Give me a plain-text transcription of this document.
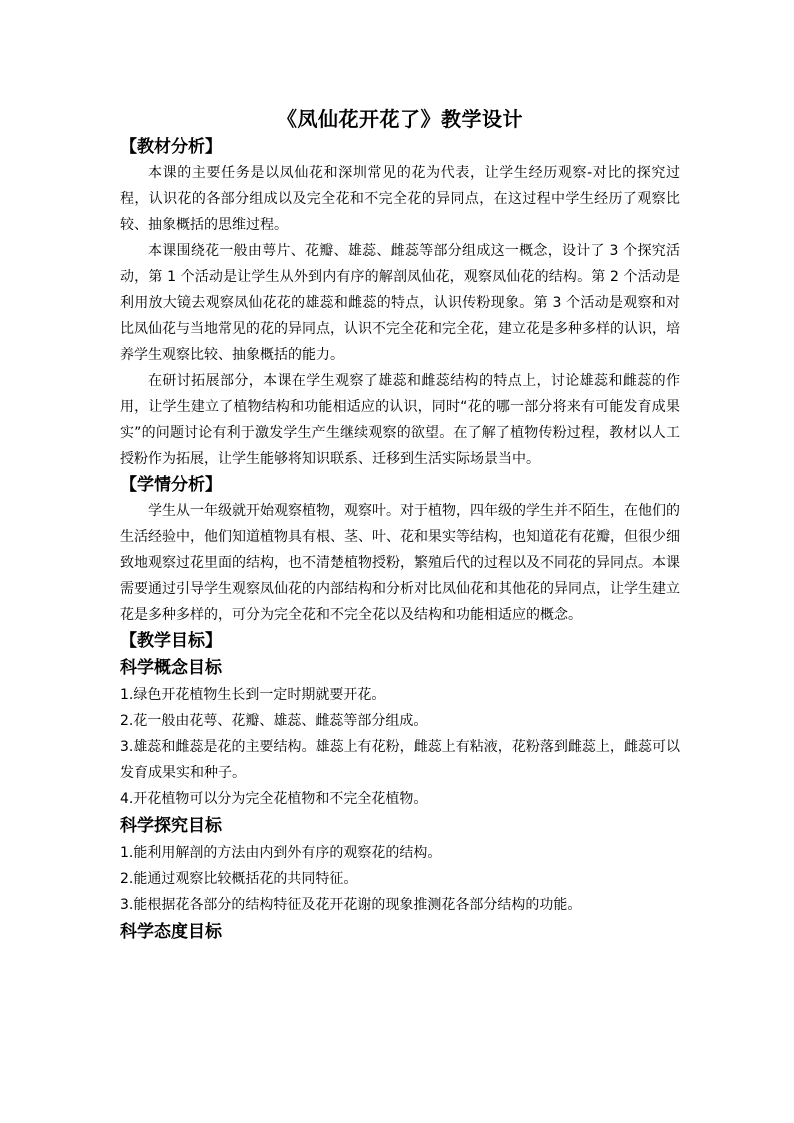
《凤仙花开花了》教学设计
【教材分析】

本课的主要任务是以凤仙花和深圳常见的花为代表，让学生经历观察-对比的探究过程，认识花的各部分组成以及完全花和不完全花的异同点，在这过程中学生经历了观察比较、抽象概括的思维过程。

本课围绕花一般由萼片、花瓣、雄蕊、雌蕊等部分组成这一概念，设计了 3 个探究活动，第 1 个活动是让学生从外到内有序的解剖凤仙花，观察凤仙花的结构。第 2 个活动是利用放大镜去观察凤仙花花的雄蕊和雌蕊的特点，认识传粉现象。第 3 个活动是观察和对比凤仙花与当地常见的花的异同点，认识不完全花和完全花，建立花是多种多样的认识，培养学生观察比较、抽象概括的能力。

在研讨拓展部分，本课在学生观察了雄蕊和雌蕊结构的特点上，讨论雄蕊和雌蕊的作用，让学生建立了植物结构和功能相适应的认识，同时“花的哪一部分将来有可能发育成果实”的问题讨论有利于激发学生产生继续观察的欲望。在了解了植物传粉过程，教材以人工授粉作为拓展，让学生能够将知识联系、迁移到生活实际场景当中。

【学情分析】

学生从一年级就开始观察植物，观察叶。对于植物，四年级的学生并不陌生，在他们的生活经验中，他们知道植物具有根、茎、叶、花和果实等结构，也知道花有花瓣，但很少细致地观察过花里面的结构，也不清楚植物授粉，繁殖后代的过程以及不同花的异同点。本课需要通过引导学生观察凤仙花的内部结构和分析对比凤仙花和其他花的异同点，让学生建立花是多种多样的，可分为完全花和不完全花以及结构和功能相适应的概念。

【教学目标】
科学概念目标

1.绿色开花植物生长到一定时期就要开花。

2.花一般由花萼、花瓣、雄蕊、雌蕊等部分组成。

3.雄蕊和雌蕊是花的主要结构。雄蕊上有花粉，雌蕊上有粘液，花粉落到雌蕊上，雌蕊可以发育成果实和种子。

4.开花植物可以分为完全花植物和不完全花植物。

科学探究目标

1.能利用解剖的方法由内到外有序的观察花的结构。

2.能通过观察比较概括花的共同特征。

3.能根据花各部分的结构特征及花开花谢的现象推测花各部分结构的功能。

科学态度目标
